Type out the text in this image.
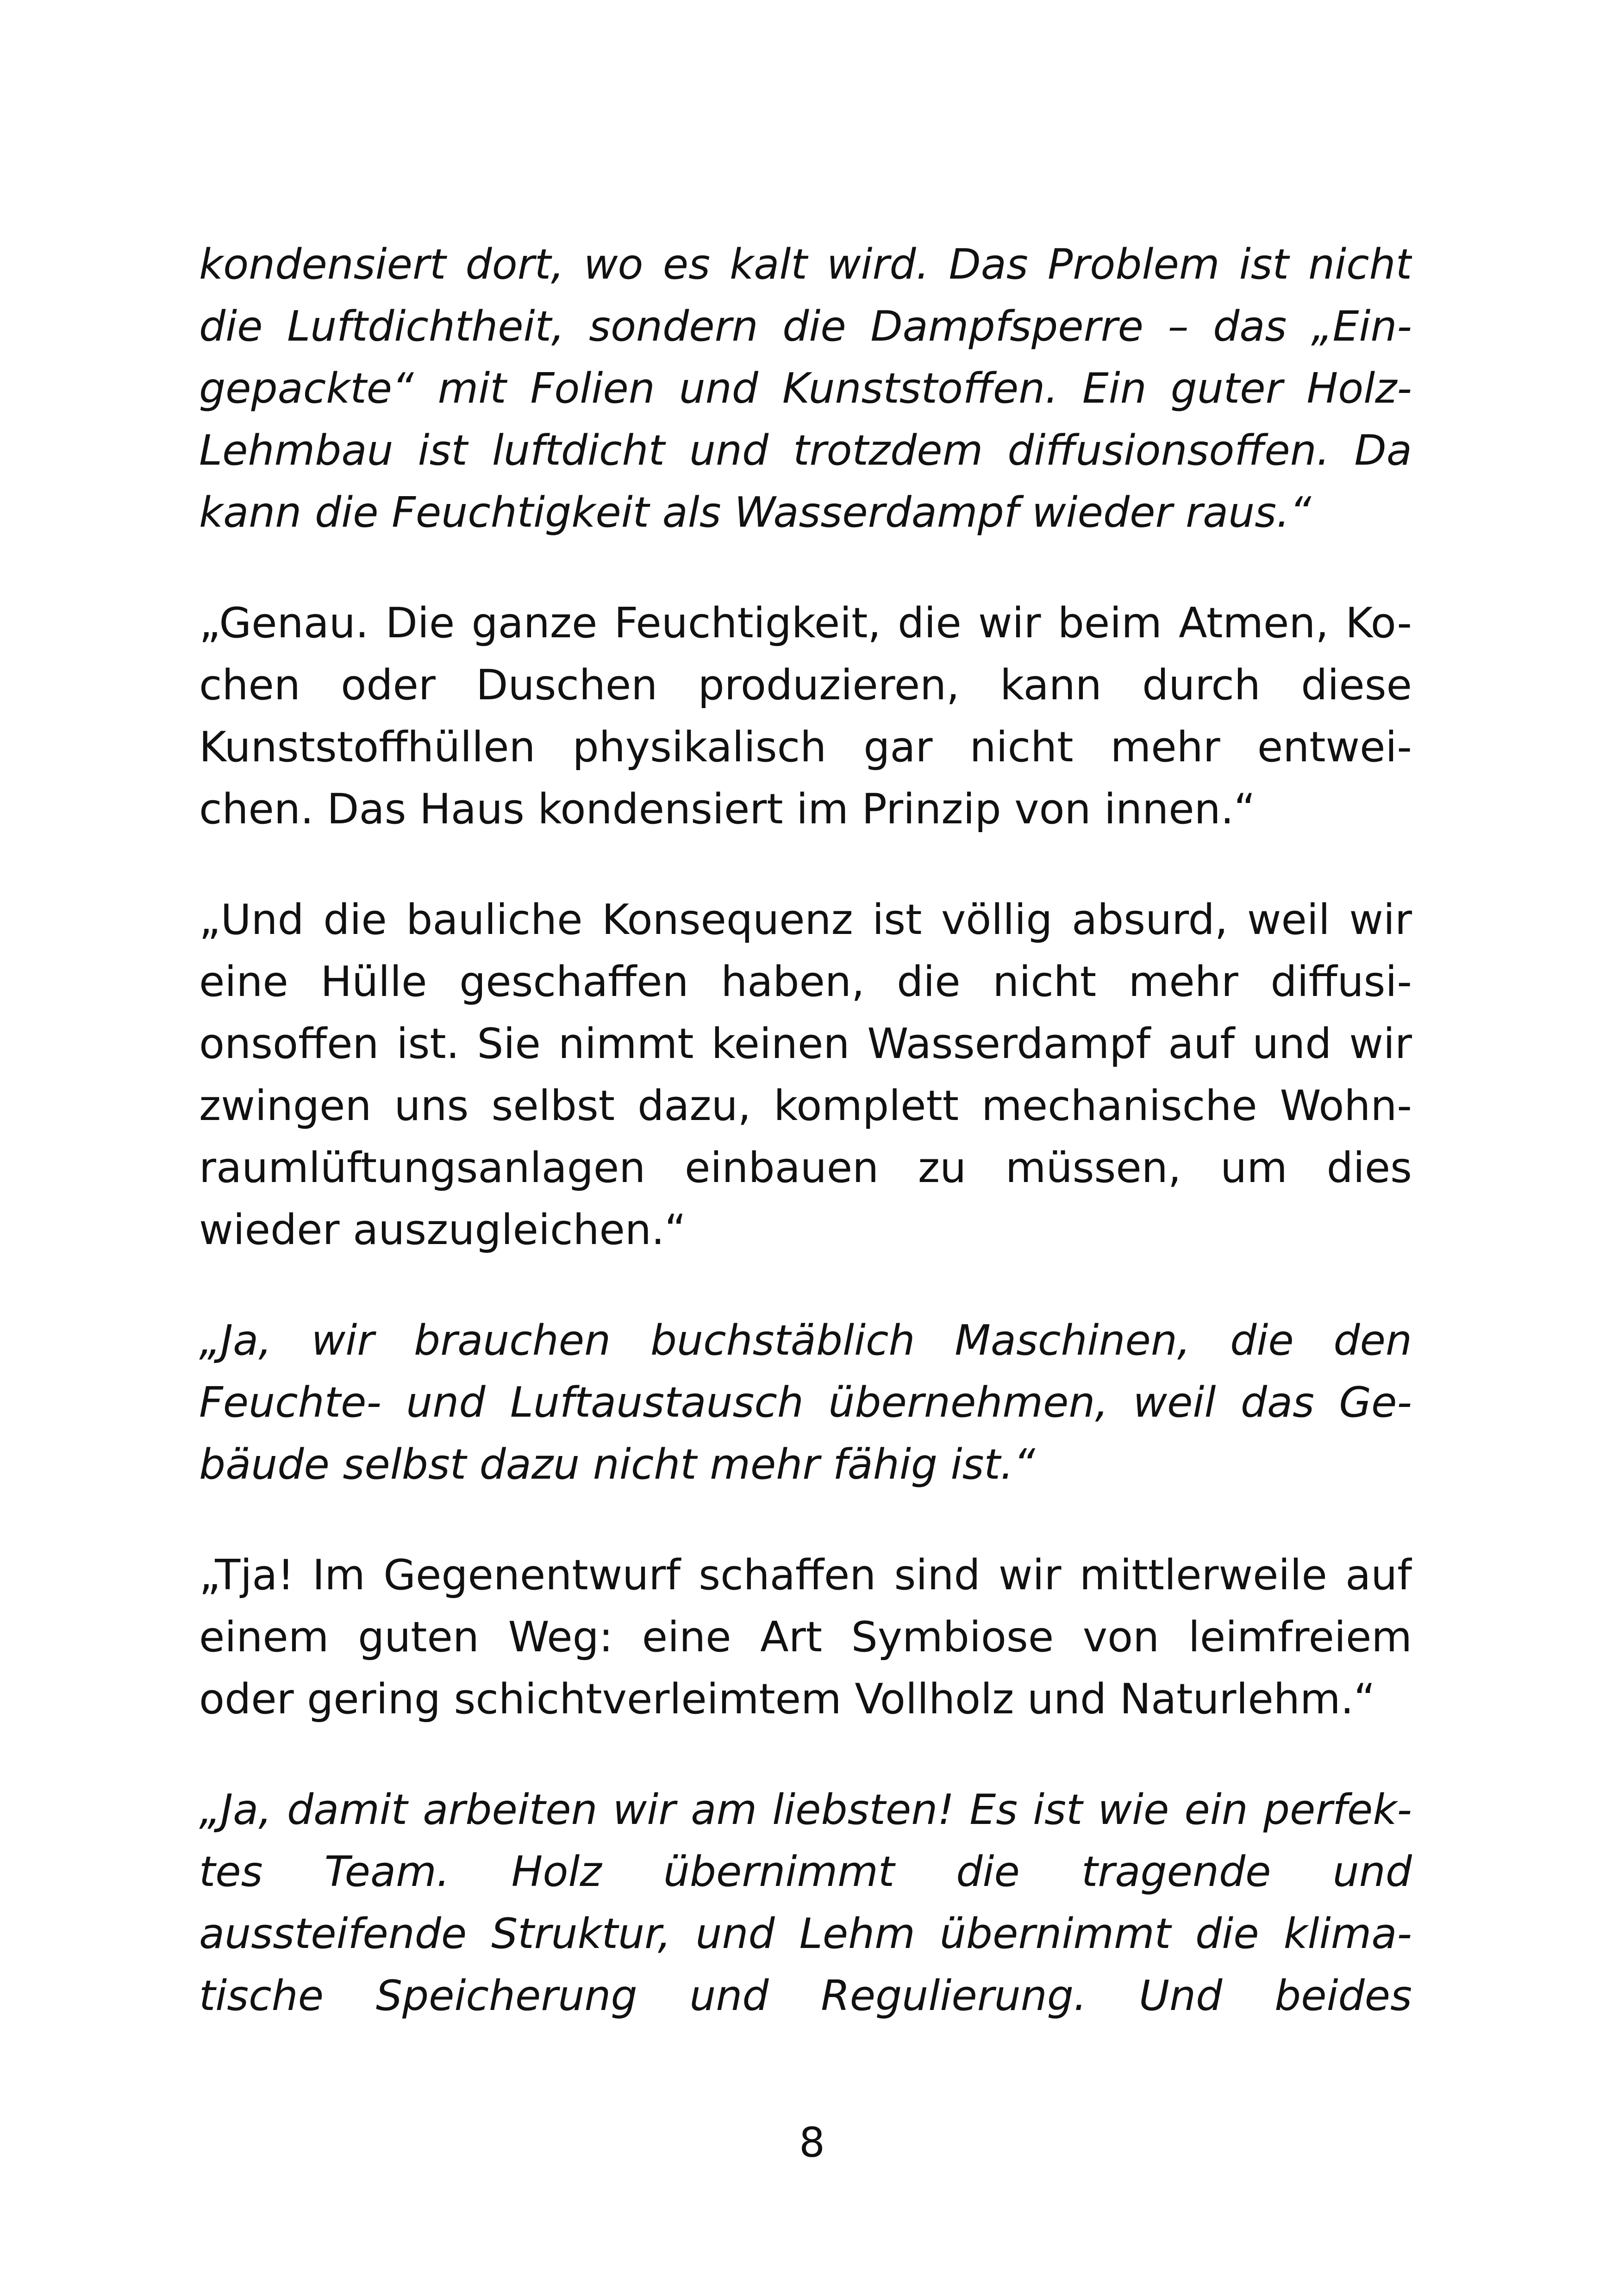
kondensiert dort, wo es kalt wird. Das Problem ist nicht
die Luftdichtheit, sondern die Dampfsperre – das „Ein-
gepackte“ mit Folien und Kunststoffen. Ein guter Holz-
Lehmbau ist luftdicht und trotzdem diffusionsoffen. Da
kann die Feuchtigkeit als Wasserdampf wieder raus.“
„Genau. Die ganze Feuchtigkeit, die wir beim Atmen, Ko-
chen oder Duschen produzieren, kann durch diese
Kunststoffhüllen physikalisch gar nicht mehr entwei-
chen. Das Haus kondensiert im Prinzip von innen.“
„Und die bauliche Konsequenz ist völlig absurd, weil wir
eine Hülle geschaffen haben, die nicht mehr diffusi-
onsoffen ist. Sie nimmt keinen Wasserdampf auf und wir
zwingen uns selbst dazu, komplett mechanische Wohn-
raumlüftungsanlagen einbauen zu müssen, um dies
wieder auszugleichen.“
„Ja, wir brauchen buchstäblich Maschinen, die den
Feuchte- und Luftaustausch übernehmen, weil das Ge-
bäude selbst dazu nicht mehr fähig ist.“
„Tja! Im Gegenentwurf schaffen sind wir mittlerweile auf
einem guten Weg: eine Art Symbiose von leimfreiem
oder gering schichtverleimtem Vollholz und Naturlehm.“
„Ja, damit arbeiten wir am liebsten! Es ist wie ein perfek-
tes Team. Holz übernimmt die tragende und
aussteifende Struktur, und Lehm übernimmt die klima-
tische Speicherung und Regulierung. Und beides
8
